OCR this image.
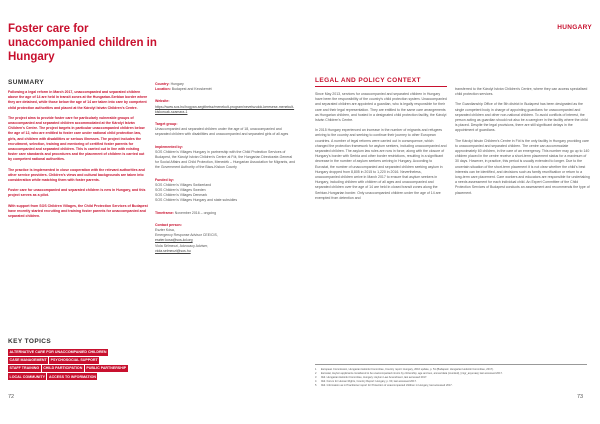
Foster care for unaccompanied children in Hungary
HUNGARY
SUMMARY

Following a legal reform in March 2017, unaccompanied and separated children above the age of 14 are held in transit zones at the Hungarian-Serbian border where they are detained, while those below the age of 14 are taken into care by competent child protection authorities and placed at the Károlyi István Children's Centre.

The project aims to provide foster care for particularly vulnerable groups of unaccompanied and separated children accommodated at the Károlyi István Children's Centre. The project targets in particular unaccompanied children below the age of 12, who are entitled to foster care under national child protection law, girls, and children with disabilities or serious illnesses. The project includes the recruitment, selection, training and mentoring of certified foster parents for unaccompanied and separated children. This is carried out in line with existing foster care standards and procedures and the placement of children is carried out by competent national authorities.

The practice is implemented in close cooperation with the relevant authorities and other service providers. Children's views and cultural backgrounds are taken into consideration while matching them with foster parents.

Foster care for unaccompanied and separated children is new in Hungary, and this project serves as a pilot.

With support from SOS Children Villages, the Child Protection Services of Budapest have recently started recruiting and training foster parents for unaccompanied and separated children.

Country: Hungary
Location: Budapest and Kecskemét

Website:
https://www.sos.hu/hogyan-segithetsz/menekult-program/nevelszulok-keresese-menekult-kiskoruak-szamara-1

Target group:
Unaccompanied and separated children under the age of 18, unaccompanied and separated children with disabilities and unaccompanied and separated girls of all ages

Implemented by:
SOS Children's Villages Hungary in partnership with the Child Protection Services of Budapest, the Károlyi István Children's Centre at Fót, the Hungarian Directorate-General for Social Affairs and Child Protection, Menedék – Hungarian Association for Migrants, and the Government Authority of the Bács-Kiskun County

Funded by:
SOS Children's Villages Switzerland
SOS Children's Villages Sweden
SOS Children's Villages Denmark
SOS Children's Villages Hungary and state subsidies

Timeframe: November 2016 – ongoing

Contact person:
Eszter Kósa,
Emergency Response Advisor CEE/CIS,
eszter.kosa@sos-kd.org
Viola Sélmeczi, Advocacy Adviser,
viola.selmeczi@sos.hu

LEGAL AND POLICY CONTEXT

Since May 2013, services for unaccompanied and separated children in Hungary have been the responsibility of the country's child protection system. Unaccompanied and separated children are appointed a guardian, who is legally responsible for their care and their legal representation. They are entitled to the same care arrangements as Hungarian children, and hosted in a designated child protection facility, the Károlyi István Children's Centre.

In 2015 Hungary experienced an increase in the number of migrants and refugees arriving to the country and seeking to continue their journey to other European countries. A number of legal reforms were carried out in consequence, which changed the protection framework for asylum seekers, including unaccompanied and separated children. The asylum law rules are now in force, along with the closure of Hungary's border with Serbia and other border restrictions, resulting in a significant decrease in the number of asylum seekers arriving in Hungary. According to Eurostat, the number of unaccompanied and separated children seeking asylum in Hungary dropped from 8,805 in 2015 to 1,220 in 2016. Nevertheless, unaccompanied children arrive in March 2017 to ensure that asylum seekers in Hungary, including children with children of all ages and unaccompanied and separated children over the age of 14 are held in closed transit zones along the Serbian-Hungarian border. Only unaccompanied children under the age of 14 are exempted from detention and

transferred to the Károlyi István Children's Centre, where they can access specialised child protection services.

The Guardianship Office of the 5th district in Budapest has been designated as the single competent body in charge of appointing guardians for unaccompanied and separated children and other non-national children. To avoid conflicts of interest, the person acting as guardian should not also be a caregiver in the facility where the child is placed. Despite the legal provisions, there are still significant delays in the appointment of guardians.

The Károlyi István Children's Centre in Fót is the only facility in Hungary providing care to unaccompanied and separated children. The centre can accommodate approximately 60 children, in the care of an emergency. This number may go up to 140 children placed in the centre receive a short-term placement status for a maximum of 30 days. However, in practice, this period is usually extended to longer. Due to the uncertain situation of the short-term placement it is not clear whether the child's best interests can be identified, and decisions such as family reunification or return to a long-term care placement. Care workers and educators are responsible for undertaking a needs assessment for each individual child. An Expert Committee of the Child Protection Services of Budapest conducts an assessment and recommends the type of placement.

KEY TOPICS
ALTERNATIVE CARE FOR UNACCOMPANIED CHILDREN
CASE MANAGEMENT	PSYCHOSOCIAL SUPPORT
STAFF TRAINING	CHILD PARTICIPATION	PUBLIC PARTNERSHIP
LOCAL COMMUNITY	ACCESS TO INFORMATION
1	European Commission, Hungarian Helsinki Committee, Country report: Hungary, 2016 update, p. 51 (Budapest: Hungarian Helsinki Committee, 2017).
2	Eurostat, Asylum applicants considered to be unaccompanied minors by citizenship, age and sex, annual data (rounded), [migr_asyunaa], last accessed 2017.
3	Ibid. Hungarian Helsinki Committee, Hungary: Asylum Law Amendment, last accessed 2017.
4	Ibid. Forum for Human Rights, Country Report: Hungary, p. 60, last accessed 2017.
5	Ibid. Information as in Practitioner report for Protection of unaccompanied children in Hungary, last accessed 2017.
72	73
